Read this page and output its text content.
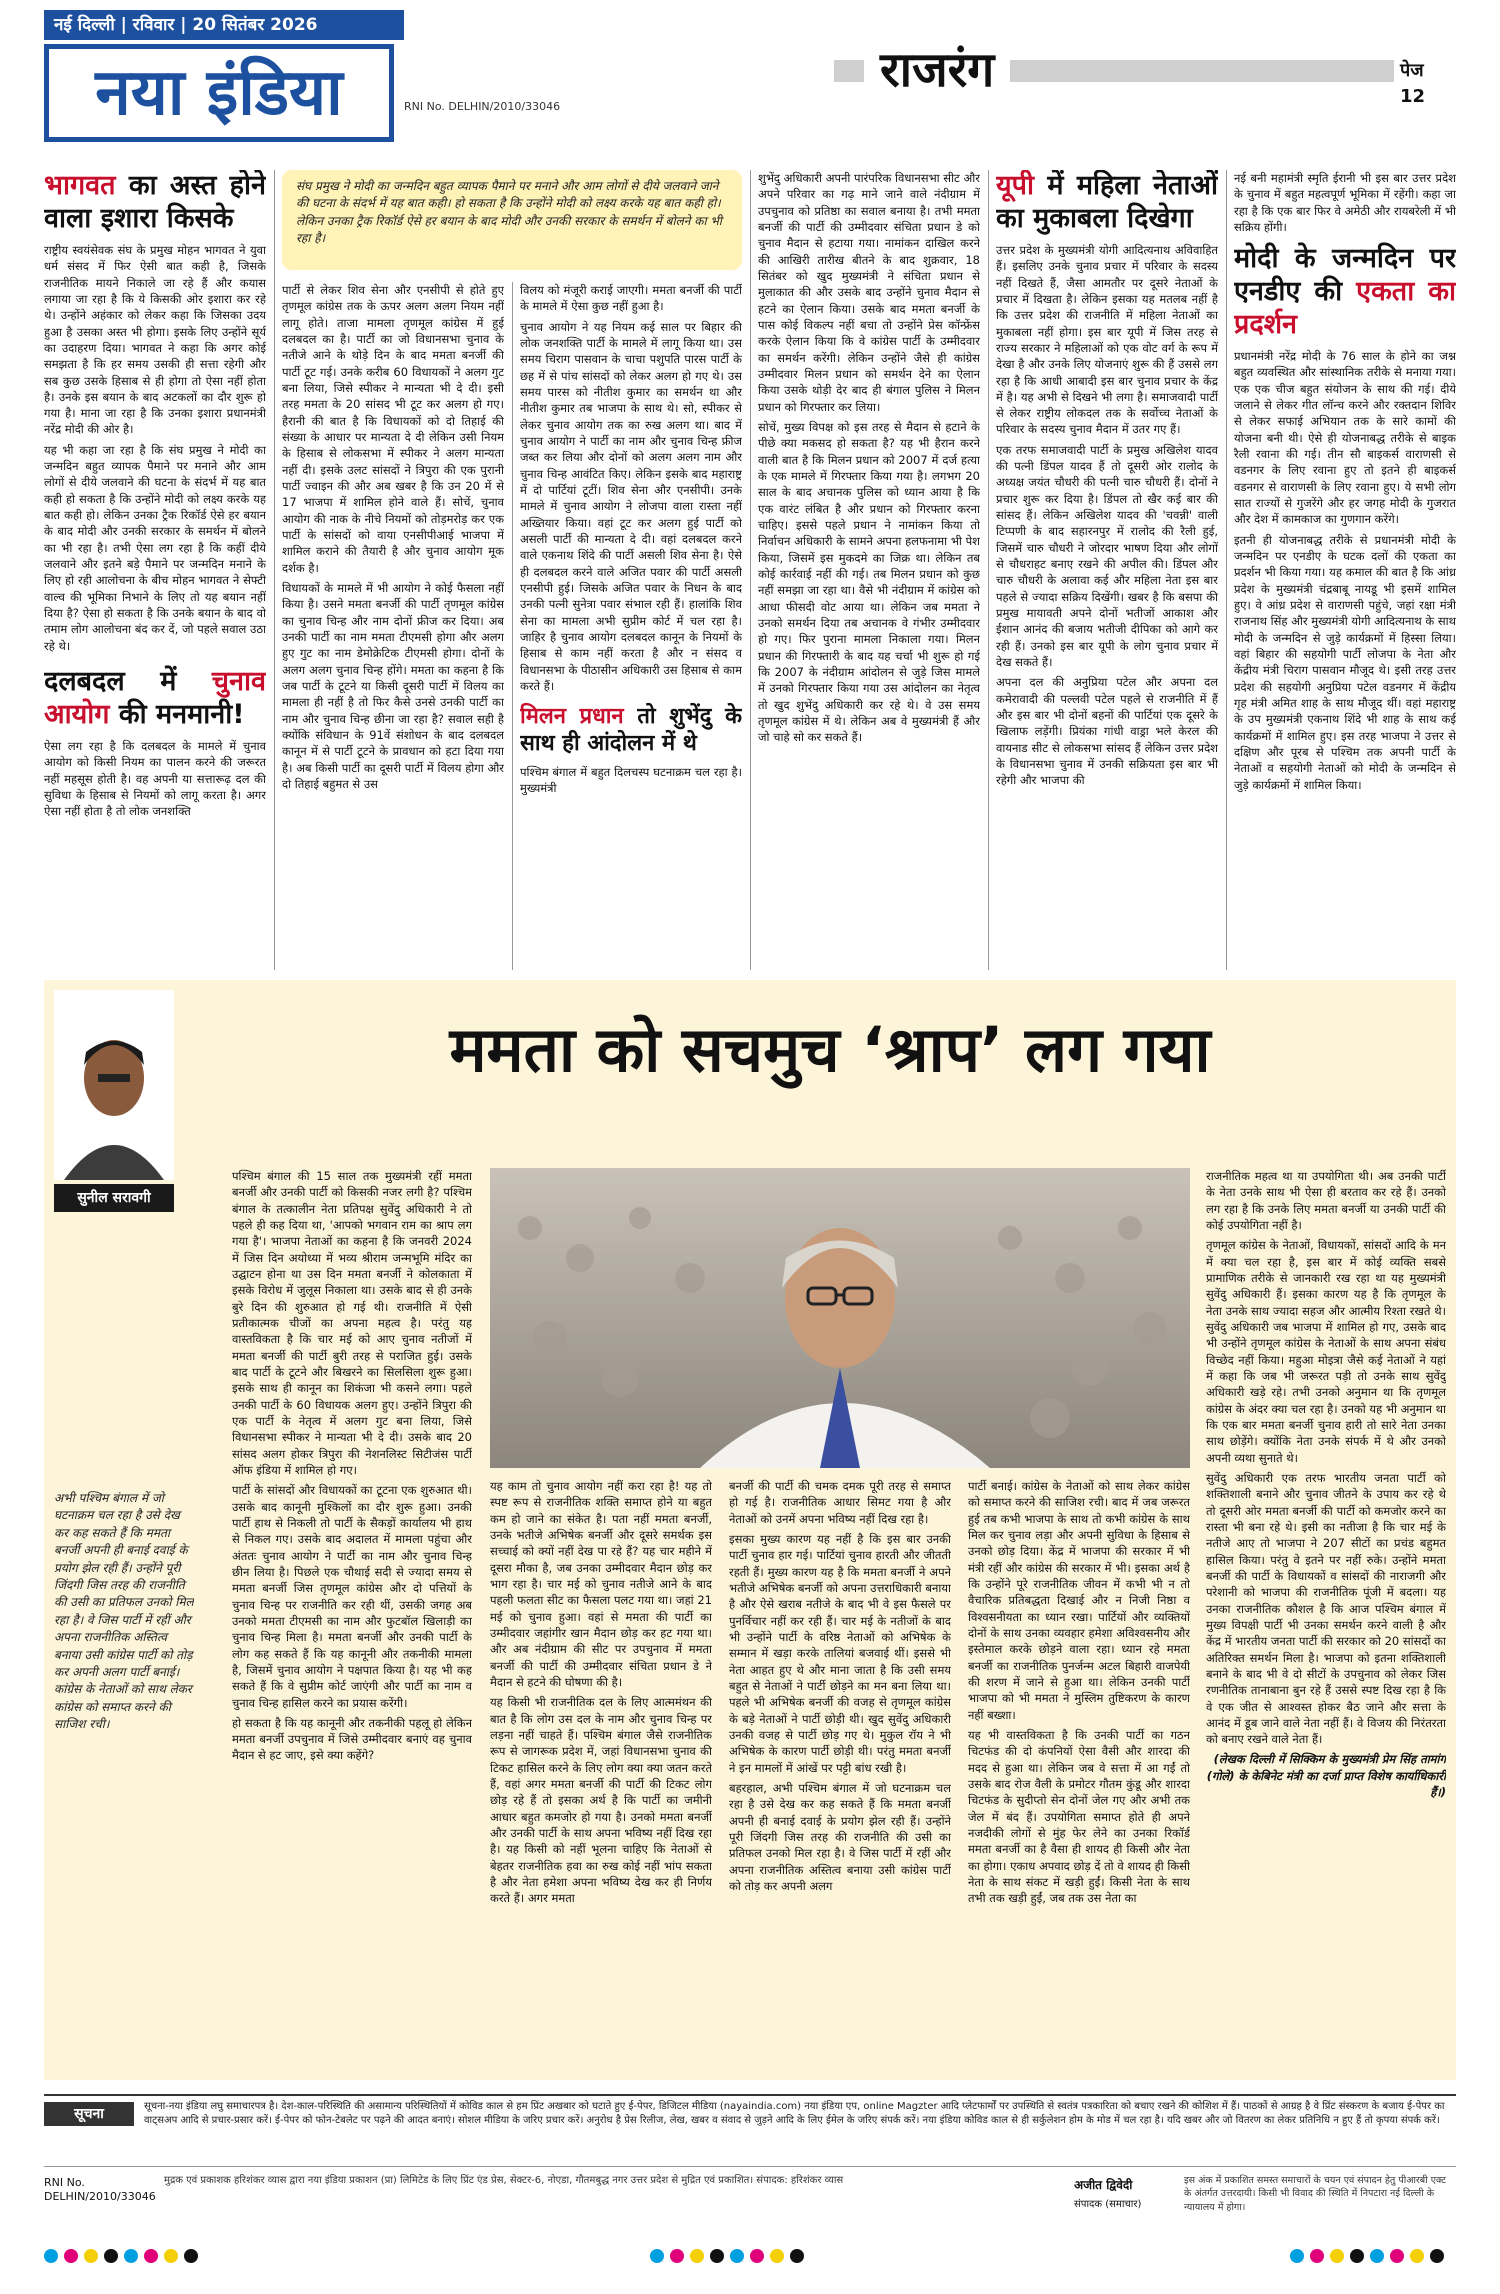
नई दिल्ली | रविवार | 20 सितंबर 2026
नया इंडिया	RNI No. DELHIN/2010/33046
राजरंग	पेज 12
भागवत का अस्त होने वाला इशारा किसके

राष्ट्रीय स्वयंसेवक संघ के प्रमुख मोहन भागवत ने युवा धर्म संसद में फिर ऐसी बात कही है, जिसके राजनीतिक मायने निकाले जा रहे हैं और कयास लगाया जा रहा है कि ये किसकी ओर इशारा कर रहे थे। उन्होंने अहंकार को लेकर कहा कि जिसका उदय हुआ है उसका अस्त भी होगा। इसके लिए उन्होंने सूर्य का उदाहरण दिया। भागवत ने कहा कि अगर कोई समझता है कि हर समय उसकी ही सत्ता रहेगी और सब कुछ उसके हिसाब से ही होगा तो ऐसा नहीं होता है। उनके इस बयान के बाद अटकलों का दौर शुरू हो गया है। माना जा रहा है कि उनका इशारा प्रधानमंत्री नरेंद्र मोदी की ओर है।

यह भी कहा जा रहा है कि संघ प्रमुख ने मोदी का जन्मदिन बहुत व्यापक पैमाने पर मनाने और आम लोगों से दीये जलवाने की घटना के संदर्भ में यह बात कही हो सकता है कि उन्होंने मोदी को लक्ष्य करके यह बात कही हो। लेकिन उनका ट्रैक रिकॉर्ड ऐसे हर बयान के बाद मोदी और उनकी सरकार के समर्थन में बोलने का भी रहा है। तभी ऐसा लग रहा है कि कहीं दीये जलवाने और इतने बड़े पैमाने पर जन्मदिन मनाने के लिए हो रही आलोचना के बीच मोहन भागवत ने सेफ्टी वाल्व की भूमिका निभाने के लिए तो यह बयान नहीं दिया है? ऐसा हो सकता है कि उनके बयान के बाद वो तमाम लोग आलोचना बंद कर दें, जो पहले सवाल उठा रहे थे।

दलबदल में चुनाव आयोग की मनमानी!

ऐसा लग रहा है कि दलबदल के मामले में चुनाव आयोग को किसी नियम का पालन करने की जरूरत नहीं महसूस होती है। वह अपनी या सत्तारूढ़ दल की सुविधा के हिसाब से नियमों को लागू करता है। अगर ऐसा नहीं होता है तो लोक जनशक्ति

संघ प्रमुख ने मोदी का जन्मदिन बहुत व्यापक पैमाने पर मनाने और आम लोगों से दीये जलवाने जाने की घटना के संदर्भ में यह बात कही। हो सकता है कि उन्होंने मोदी को लक्ष्य करके यह बात कही हो। लेकिन उनका ट्रैक रिकॉर्ड ऐसे हर बयान के बाद मोदी और उनकी सरकार के समर्थन में बोलने का भी रहा है।

पार्टी से लेकर शिव सेना और एनसीपी से होते हुए तृणमूल कांग्रेस तक के ऊपर अलग अलग नियम नहीं लागू होते। ताजा मामला तृणमूल कांग्रेस में हुई दलबदल का है। पार्टी का जो विधानसभा चुनाव के नतीजे आने के थोड़े दिन के बाद ममता बनर्जी की पार्टी टूट गई। उनके करीब 60 विधायकों ने अलग गुट बना लिया, जिसे स्पीकर ने मान्यता भी दे दी। इसी तरह ममता के 20 सांसद भी टूट कर अलग हो गए। हैरानी की बात है कि विधायकों को दो तिहाई की संख्या के आधार पर मान्यता दे दी लेकिन उसी नियम के हिसाब से लोकसभा में स्पीकर ने अलग मान्यता नहीं दी। इसके उलट सांसदों ने त्रिपुरा की एक पुरानी पार्टी ज्वाइन की और अब खबर है कि उन 20 में से 17 भाजपा में शामिल होने वाले हैं। सोचें, चुनाव आयोग की नाक के नीचे नियमों को तोड़मरोड़ कर एक पार्टी के सांसदों को वाया एनसीपीआई भाजपा में शामिल कराने की तैयारी है और चुनाव आयोग मूक दर्शक है।

विधायकों के मामले में भी आयोग ने कोई फैसला नहीं किया है। उसने ममता बनर्जी की पार्टी तृणमूल कांग्रेस का चुनाव चिन्ह और नाम दोनों फ्रीज कर दिया। अब उनकी पार्टी का नाम ममता टीएमसी होगा और अलग हुए गुट का नाम डेमोक्रेटिक टीएमसी होगा। दोनों के अलग अलग चुनाव चिन्ह होंगे। ममता का कहना है कि जब पार्टी के टूटने या किसी दूसरी पार्टी में विलय का मामला ही नहीं है तो फिर कैसे उनसे उनकी पार्टी का नाम और चुनाव चिन्ह छीना जा रहा है? सवाल सही है क्योंकि संविधान के 91वें संशोधन के बाद दलबदल कानून में से पार्टी टूटने के प्रावधान को हटा दिया गया है। अब किसी पार्टी का दूसरी पार्टी में विलय होगा और दो तिहाई बहुमत से उस

विलय को मंजूरी कराई जाएगी। ममता बनर्जी की पार्टी के मामले में ऐसा कुछ नहीं हुआ है।

चुनाव आयोग ने यह नियम कई साल पर बिहार की लोक जनशक्ति पार्टी के मामले में लागू किया था। उस समय चिराग पासवान के चाचा पशुपति पारस पार्टी के छह में से पांच सांसदों को लेकर अलग हो गए थे। उस समय पारस को नीतीश कुमार का समर्थन था और नीतीश कुमार तब भाजपा के साथ थे। सो, स्पीकर से लेकर चुनाव आयोग तक का रुख अलग था। बाद में चुनाव आयोग ने पार्टी का नाम और चुनाव चिन्ह फ्रीज जब्त कर लिया और दोनों को अलग अलग नाम और चुनाव चिन्ह आवंटित किए। लेकिन इसके बाद महाराष्ट्र में दो पार्टियां टूटीं। शिव सेना और एनसीपी। उनके मामले में चुनाव आयोग ने लोजपा वाला रास्ता नहीं अख्तियार किया। वहां टूट कर अलग हुई पार्टी को असली पार्टी की मान्यता दे दी। वहां दलबदल करने वाले एकनाथ शिंदे की पार्टी असली शिव सेना है। ऐसे ही दलबदल करने वाले अजित पवार की पार्टी असली एनसीपी हुई। जिसके अजित पवार के निधन के बाद उनकी पत्नी सुनेत्रा पवार संभाल रही हैं। हालांकि शिव सेना का मामला अभी सुप्रीम कोर्ट में चल रहा है। जाहिर है चुनाव आयोग दलबदल कानून के नियमों के हिसाब से काम नहीं करता है और न संसद व विधानसभा के पीठासीन अधिकारी उस हिसाब से काम करते हैं।

मिलन प्रधान तो शुभेंदु के साथ ही आंदोलन में थे

पश्चिम बंगाल में बहुत दिलचस्प घटनाक्रम चल रहा है। मुख्यमंत्री

शुभेंदु अधिकारी अपनी पारंपरिक विधानसभा सीट और अपने परिवार का गढ़ माने जाने वाले नंदीग्राम में उपचुनाव को प्रतिष्ठा का सवाल बनाया है। तभी ममता बनर्जी की पार्टी की उम्मीदवार संचिता प्रधान डे को चुनाव मैदान से हटाया गया। नामांकन दाखिल करने की आखिरी तारीख बीतने के बाद शुक्रवार, 18 सितंबर को खुद मुख्यमंत्री ने संचिता प्रधान से मुलाकात की और उसके बाद उन्होंने चुनाव मैदान से हटने का ऐलान किया। उसके बाद ममता बनर्जी के पास कोई विकल्प नहीं बचा तो उन्होंने प्रेस कॉन्फ्रेंस करके ऐलान किया कि वे कांग्रेस पार्टी के उम्मीदवार का समर्थन करेंगी। लेकिन उन्होंने जैसे ही कांग्रेस उम्मीदवार मिलन प्रधान को समर्थन देने का ऐलान किया उसके थोड़ी देर बाद ही बंगाल पुलिस ने मिलन प्रधान को गिरफ्तार कर लिया।

सोचें, मुख्य विपक्ष को इस तरह से मैदान से हटाने के पीछे क्या मकसद हो सकता है? यह भी हैरान करने वाली बात है कि मिलन प्रधान को 2007 में दर्ज हत्या के एक मामले में गिरफ्तार किया गया है। लगभग 20 साल के बाद अचानक पुलिस को ध्यान आया है कि एक वारंट लंबित है और प्रधान को गिरफ्तार करना चाहिए। इससे पहले प्रधान ने नामांकन किया तो निर्वाचन अधिकारी के सामने अपना हलफनामा भी पेश किया, जिसमें इस मुकदमे का जिक्र था। लेकिन तब कोई कार्रवाई नहीं की गई। तब मिलन प्रधान को कुछ नहीं समझा जा रहा था। वैसे भी नंदीग्राम में कांग्रेस को आधा फीसदी वोट आया था। लेकिन जब ममता ने उनको समर्थन दिया तब अचानक वे गंभीर उम्मीदवार हो गए। फिर पुराना मामला निकाला गया। मिलन प्रधान की गिरफ्तारी के बाद यह चर्चा भी शुरू हो गई कि 2007 के नंदीग्राम आंदोलन से जुड़े जिस मामले में उनको गिरफ्तार किया गया उस आंदोलन का नेतृत्व तो खुद शुभेंदु अधिकारी कर रहे थे। वे उस समय तृणमूल कांग्रेस में थे। लेकिन अब वे मुख्यमंत्री हैं और जो चाहे सो कर सकते हैं।

यूपी में महिला नेताओं का मुकाबला दिखेगा

उत्तर प्रदेश के मुख्यमंत्री योगी आदित्यनाथ अविवाहित हैं। इसलिए उनके चुनाव प्रचार में परिवार के सदस्य नहीं दिखते हैं, जैसा आमतौर पर दूसरे नेताओं के प्रचार में दिखता है। लेकिन इसका यह मतलब नहीं है कि उत्तर प्रदेश की राजनीति में महिला नेताओं का मुकाबला नहीं होगा। इस बार यूपी में जिस तरह से राज्य सरकार ने महिलाओं को एक वोट वर्ग के रूप में देखा है और उनके लिए योजनाएं शुरू की हैं उससे लग रहा है कि आधी आबादी इस बार चुनाव प्रचार के केंद्र में है। यह अभी से दिखने भी लगा है। समाजवादी पार्टी से लेकर राष्ट्रीय लोकदल तक के सर्वोच्च नेताओं के परिवार के सदस्य चुनाव मैदान में उतर गए हैं।

एक तरफ समाजवादी पार्टी के प्रमुख अखिलेश यादव की पत्नी डिंपल यादव हैं तो दूसरी ओर रालोद के अध्यक्ष जयंत चौधरी की पत्नी चारु चौधरी हैं। दोनों ने प्रचार शुरू कर दिया है। डिंपल तो खैर कई बार की सांसद हैं। लेकिन अखिलेश यादव की 'चवन्नी' वाली टिप्पणी के बाद सहारनपुर में रालोद की रैली हुई, जिसमें चारु चौधरी ने जोरदार भाषण दिया और लोगों से चौधराहट बनाए रखने की अपील की। डिंपल और चारु चौधरी के अलावा कई और महिला नेता इस बार पहले से ज्यादा सक्रिय दिखेंगी। खबर है कि बसपा की प्रमुख मायावती अपने दोनों भतीजों आकाश और ईशान आनंद की बजाय भतीजी दीपिका को आगे कर रही हैं। उनको इस बार यूपी के लोग चुनाव प्रचार में देख सकते हैं।

अपना दल की अनुप्रिया पटेल और अपना दल कमेरावादी की पल्लवी पटेल पहले से राजनीति में हैं और इस बार भी दोनों बहनों की पार्टियां एक दूसरे के खिलाफ लड़ेंगी। प्रियंका गांधी वाड्रा भले केरल की वायनाड सीट से लोकसभा सांसद हैं लेकिन उत्तर प्रदेश के विधानसभा चुनाव में उनकी सक्रियता इस बार भी रहेगी और भाजपा की

नई बनी महामंत्री स्मृति ईरानी भी इस बार उत्तर प्रदेश के चुनाव में बहुत महत्वपूर्ण भूमिका में रहेंगी। कहा जा रहा है कि एक बार फिर वे अमेठी और रायबरेली में भी सक्रिय होंगी।

मोदी के जन्मदिन पर एनडीए की एकता का प्रदर्शन

प्रधानमंत्री नरेंद्र मोदी के 76 साल के होने का जश्न बहुत व्यवस्थित और सांस्थानिक तरीके से मनाया गया। एक एक चीज बहुत संयोजन के साथ की गई। दीये जलाने से लेकर गीत लॉन्च करने और रक्तदान शिविर से लेकर सफाई अभियान तक के सारे कामों की योजना बनी थी। ऐसे ही योजनाबद्ध तरीके से बाइक रैली रवाना की गई। तीन सौ बाइकर्स वाराणसी से वडनगर के लिए रवाना हुए तो इतने ही बाइकर्स वडनगर से वाराणसी के लिए रवाना हुए। ये सभी लोग सात राज्यों से गुजरेंगे और हर जगह मोदी के गुजरात और देश में कामकाज का गुणगान करेंगे।

इतनी ही योजनाबद्ध तरीके से प्रधानमंत्री मोदी के जन्मदिन पर एनडीए के घटक दलों की एकता का प्रदर्शन भी किया गया। यह कमाल की बात है कि आंध्र प्रदेश के मुख्यमंत्री चंद्रबाबू नायडू भी इसमें शामिल हुए। वे आंध्र प्रदेश से वाराणसी पहुंचे, जहां रक्षा मंत्री राजनाथ सिंह और मुख्यमंत्री योगी आदित्यनाथ के साथ मोदी के जन्मदिन से जुड़े कार्यक्रमों में हिस्सा लिया। वहां बिहार की सहयोगी पार्टी लोजपा के नेता और केंद्रीय मंत्री चिराग पासवान मौजूद थे। इसी तरह उत्तर प्रदेश की सहयोगी अनुप्रिया पटेल वडनगर में केंद्रीय गृह मंत्री अमित शाह के साथ मौजूद थीं। वहां महाराष्ट्र के उप मुख्यमंत्री एकनाथ शिंदे भी शाह के साथ कई कार्यक्रमों में शामिल हुए। इस तरह भाजपा ने उत्तर से दक्षिण और पूरब से पश्चिम तक अपनी पार्टी के नेताओं व सहयोगी नेताओं को मोदी के जन्मदिन से जुड़े कार्यक्रमों में शामिल किया।

सुनील सरावगी
ममता को सचमुच ‘श्राप’ लग गया
अभी पश्चिम बंगाल में जो घटनाक्रम चल रहा है उसे देख कर कह सकते हैं कि ममता बनर्जी अपनी ही बनाई दवाई के प्रयोग झेल रही हैं। उन्होंने पूरी जिंदगी जिस तरह की राजनीति की उसी का प्रतिफल उनको मिल रहा है। वे जिस पार्टी में रहीं और अपना राजनीतिक अस्तित्व बनाया उसी कांग्रेस पार्टी को तोड़ कर अपनी अलग पार्टी बनाई। कांग्रेस के नेताओं को साथ लेकर कांग्रेस को समाप्त करने की साजिश रची।

पश्चिम बंगाल की 15 साल तक मुख्यमंत्री रहीं ममता बनर्जी और उनकी पार्टी को किसकी नजर लगी है? पश्चिम बंगाल के तत्कालीन नेता प्रतिपक्ष सुवेंदु अधिकारी ने तो पहले ही कह दिया था, 'आपको भगवान राम का श्राप लग गया है'। भाजपा नेताओं का कहना है कि जनवरी 2024 में जिस दिन अयोध्या में भव्य श्रीराम जन्मभूमि मंदिर का उद्घाटन होना था उस दिन ममता बनर्जी ने कोलकाता में इसके विरोध में जुलूस निकाला था। उसके बाद से ही उनके बुरे दिन की शुरुआत हो गई थी। राजनीति में ऐसी प्रतीकात्मक चीजों का अपना महत्व है। परंतु यह वास्तविकता है कि चार मई को आए चुनाव नतीजों में ममता बनर्जी की पार्टी बुरी तरह से पराजित हुई। उसके बाद पार्टी के टूटने और बिखरने का सिलसिला शुरू हुआ। इसके साथ ही कानून का शिकंजा भी कसने लगा। पहले उनकी पार्टी के 60 विधायक अलग हुए। उन्होंने त्रिपुरा की एक पार्टी के नेतृत्व में अलग गुट बना लिया, जिसे विधानसभा स्पीकर ने मान्यता भी दे दी। उसके बाद 20 सांसद अलग होकर त्रिपुरा की नेशनलिस्ट सिटीजंस पार्टी ऑफ इंडिया में शामिल हो गए।

पार्टी के सांसदों और विधायकों का टूटना एक शुरुआत थी। उसके बाद कानूनी मुश्किलों का दौर शुरू हुआ। उनकी पार्टी हाथ से निकली तो पार्टी के सैकड़ों कार्यालय भी हाथ से निकल गए। उसके बाद अदालत में मामला पहुंचा और अंततः चुनाव आयोग ने पार्टी का नाम और चुनाव चिन्ह छीन लिया है। पिछले एक चौथाई सदी से ज्यादा समय से ममता बनर्जी जिस तृणमूल कांग्रेस और दो पत्तियों के चुनाव चिन्ह पर राजनीति कर रही थीं, उसकी जगह अब उनको ममता टीएमसी का नाम और फुटबॉल खिलाड़ी का चुनाव चिन्ह मिला है। ममता बनर्जी और उनकी पार्टी के लोग कह सकते हैं कि यह कानूनी और तकनीकी मामला है, जिसमें चुनाव आयोग ने पक्षपात किया है। यह भी कह सकते हैं कि वे सुप्रीम कोर्ट जाएंगी और पार्टी का नाम व चुनाव चिन्ह हासिल करने का प्रयास करेंगी।

हो सकता है कि यह कानूनी और तकनीकी पहलू हो लेकिन ममता बनर्जी उपचुनाव में जिसे उम्मीदवार बनाएं वह चुनाव मैदान से हट जाए, इसे क्या कहेंगे?

यह काम तो चुनाव आयोग नहीं करा रहा है! यह तो स्पष्ट रूप से राजनीतिक शक्ति समाप्त होने या बहुत कम हो जाने का संकेत है। पता नहीं ममता बनर्जी, उनके भतीजे अभिषेक बनर्जी और दूसरे समर्थक इस सच्चाई को क्यों नहीं देख पा रहे हैं? यह चार महीने में दूसरा मौका है, जब उनका उम्मीदवार मैदान छोड़ कर भाग रहा है। चार मई को चुनाव नतीजे आने के बाद पहली फलता सीट का फैसला पलट गया था। जहां 21 मई को चुनाव हुआ। वहां से ममता की पार्टी का उम्मीदवार जहांगीर खान मैदान छोड़ कर हट गया था। और अब नंदीग्राम की सीट पर उपचुनाव में ममता बनर्जी की पार्टी की उम्मीदवार संचिता प्रधान डे ने मैदान से हटने की घोषणा की है।

यह किसी भी राजनीतिक दल के लिए आत्ममंथन की बात है कि लोग उस दल के नाम और चुनाव चिन्ह पर लड़ना नहीं चाहते हैं। पश्चिम बंगाल जैसे राजनीतिक रूप से जागरूक प्रदेश में, जहां विधानसभा चुनाव की टिकट हासिल करने के लिए लोग क्या क्या जतन करते हैं, वहां अगर ममता बनर्जी की पार्टी की टिकट लोग छोड़ रहे हैं तो इसका अर्थ है कि पार्टी का जमीनी आधार बहुत कमजोर हो गया है। उनको ममता बनर्जी और उनकी पार्टी के साथ अपना भविष्य नहीं दिख रहा है। यह किसी को नहीं भूलना चाहिए कि नेताओं से बेहतर राजनीतिक हवा का रुख कोई नहीं भांप सकता है और नेता हमेशा अपना भविष्य देख कर ही निर्णय करते हैं। अगर ममता

बनर्जी की पार्टी की चमक दमक पूरी तरह से समाप्त हो गई है। राजनीतिक आधार सिमट गया है और नेताओं को उनमें अपना भविष्य नहीं दिख रहा है।

इसका मुख्य कारण यह नहीं है कि इस बार उनकी पार्टी चुनाव हार गई। पार्टियां चुनाव हारती और जीतती रहती हैं। मुख्य कारण यह है कि ममता बनर्जी ने अपने भतीजे अभिषेक बनर्जी को अपना उत्तराधिकारी बनाया है और ऐसे खराब नतीजे के बाद भी वे इस फैसले पर पुनर्विचार नहीं कर रही हैं। चार मई के नतीजों के बाद भी उन्होंने पार्टी के वरिष्ठ नेताओं को अभिषेक के सम्मान में खड़ा करके तालियां बजवाई थीं। इससे भी नेता आहत हुए थे और माना जाता है कि उसी समय बहुत से नेताओं ने पार्टी छोड़ने का मन बना लिया था। पहले भी अभिषेक बनर्जी की वजह से तृणमूल कांग्रेस के बड़े नेताओं ने पार्टी छोड़ी थी। खुद सुवेंदु अधिकारी उनकी वजह से पार्टी छोड़ गए थे। मुकुल रॉय ने भी अभिषेक के कारण पार्टी छोड़ी थी। परंतु ममता बनर्जी ने इन मामलों में आंखें पर पट्टी बांध रखी है।

बहरहाल, अभी पश्चिम बंगाल में जो घटनाक्रम चल रहा है उसे देख कर कह सकते हैं कि ममता बनर्जी अपनी ही बनाई दवाई के प्रयोग झेल रही हैं। उन्होंने पूरी जिंदगी जिस तरह की राजनीति की उसी का प्रतिफल उनको मिल रहा है। वे जिस पार्टी में रहीं और अपना राजनीतिक अस्तित्व बनाया उसी कांग्रेस पार्टी को तोड़ कर अपनी अलग

पार्टी बनाई। कांग्रेस के नेताओं को साथ लेकर कांग्रेस को समाप्त करने की साजिश रची। बाद में जब जरूरत हुई तब कभी भाजपा के साथ तो कभी कांग्रेस के साथ मिल कर चुनाव लड़ा और अपनी सुविधा के हिसाब से उनको छोड़ दिया। केंद्र में भाजपा की सरकार में भी मंत्री रहीं और कांग्रेस की सरकार में भी। इसका अर्थ है कि उन्होंने पूरे राजनीतिक जीवन में कभी भी न तो वैचारिक प्रतिबद्धता दिखाई और न निजी निष्ठा व विश्वसनीयता का ध्यान रखा। पार्टियों और व्यक्तियों दोनों के साथ उनका व्यवहार हमेशा अविश्वसनीय और इस्तेमाल करके छोड़ने वाला रहा। ध्यान रहे ममता बनर्जी का राजनीतिक पुनर्जन्म अटल बिहारी वाजपेयी की शरण में जाने से हुआ था। लेकिन उनकी पार्टी भाजपा को भी ममता ने मुस्लिम तुष्टिकरण के कारण नहीं बख्शा।

यह भी वास्तविकता है कि उनकी पार्टी का गठन चिटफंड की दो कंपनियों ऐसा वैसी और शारदा की मदद से हुआ था। लेकिन जब वे सत्ता में आ गईं तो उसके बाद रोज वैली के प्रमोटर गौतम कुंडू और शारदा चिटफंड के सुदीप्तो सेन दोनों जेल गए और अभी तक जेल में बंद हैं। उपयोगिता समाप्त होते ही अपने नजदीकी लोगों से मुंह फेर लेने का उनका रिकॉर्ड ममता बनर्जी का है वैसा ही शायद ही किसी और नेता का होगा। एकाध अपवाद छोड़ दें तो वे शायद ही किसी नेता के साथ संकट में खड़ी हुईं। किसी नेता के साथ तभी तक खड़ी हुईं, जब तक उस नेता का

राजनीतिक महत्व था या उपयोगिता थी। अब उनकी पार्टी के नेता उनके साथ भी ऐसा ही बरताव कर रहे हैं। उनको लग रहा है कि उनके लिए ममता बनर्जी या उनकी पार्टी की कोई उपयोगिता नहीं है।

तृणमूल कांग्रेस के नेताओं, विधायकों, सांसदों आदि के मन में क्या चल रहा है, इस बार में कोई व्यक्ति सबसे प्रामाणिक तरीके से जानकारी रख रहा था यह मुख्यमंत्री सुवेंदु अधिकारी हैं। इसका कारण यह है कि तृणमूल के नेता उनके साथ ज्यादा सहज और आत्मीय रिश्ता रखते थे। सुवेंदु अधिकारी जब भाजपा में शामिल हो गए, उसके बाद भी उन्होंने तृणमूल कांग्रेस के नेताओं के साथ अपना संबंध विच्छेद नहीं किया। महुआ मोइत्रा जैसे कई नेताओं ने यहां में कहा कि जब भी जरूरत पड़ी तो उनके साथ सुवेंदु अधिकारी खड़े रहे। तभी उनको अनुमान था कि तृणमूल कांग्रेस के अंदर क्या चल रहा है। उनको यह भी अनुमान था कि एक बार ममता बनर्जी चुनाव हारी तो सारे नेता उनका साथ छोड़ेंगे। क्योंकि नेता उनके संपर्क में थे और उनको अपनी व्यथा सुनाते थे।

सुवेंदु अधिकारी एक तरफ भारतीय जनता पार्टी को शक्तिशाली बनाने और चुनाव जीतने के उपाय कर रहे थे तो दूसरी ओर ममता बनर्जी की पार्टी को कमजोर करने का रास्ता भी बना रहे थे। इसी का नतीजा है कि चार मई के नतीजे आए तो भाजपा ने 207 सीटों का प्रचंड बहुमत हासिल किया। परंतु वे इतने पर नहीं रुके। उन्होंने ममता बनर्जी की पार्टी के विधायकों व सांसदों की नाराजगी और परेशानी को भाजपा की राजनीतिक पूंजी में बदला। यह उनका राजनीतिक कौशल है कि आज पश्चिम बंगाल में मुख्य विपक्षी पार्टी भी उनका समर्थन करने वाली है और केंद्र में भारतीय जनता पार्टी की सरकार को 20 सांसदों का अतिरिक्त समर्थन मिला है। भाजपा को इतना शक्तिशाली बनाने के बाद भी वे दो सीटों के उपचुनाव को लेकर जिस रणनीतिक तानाबाना बुन रहे हैं उससे स्पष्ट दिख रहा है कि वे एक जीत से आश्वस्त होकर बैठ जाने और सत्ता के आनंद में डूब जाने वाले नेता नहीं हैं। वे विजय की निरंतरता को बनाए रखने वाले नेता हैं।

(लेखक दिल्ली में सिक्किम के मुख्यमंत्री प्रेम सिंह तामांग (गोले) के केबिनेट मंत्री का दर्जा प्राप्त विशेष कार्याधिकारी हैं।)

सूचना	सूचना-नया इंडिया लघु समाचारपत्र है। देश-काल-परिस्थिति की असामान्य परिस्थितियों में कोविड काल से हम प्रिंट अखबार को घटाते हुए ई-पेपर, डिजिटल मीडिया (nayaindia.com) नया इंडिया एप, online Magzter आदि प्लेटफार्मों पर उपस्थिति से स्वतंत्र पत्रकारिता को बचाए रखने की कोशिश में हैं। पाठकों से आग्रह है वे प्रिंट संस्करण के बजाय ई-पेपर का वाट्सअप आदि से प्रचार-प्रसार करें। ई-पेपर को फोन-टेबलेट पर पढ़ने की आदत बनाएं। सोशल मीडिया के जरिए प्रचार करें। अनुरोध है प्रेस रिलीज, लेख, खबर व संवाद से जुड़ने आदि के लिए ईमेल के जरिए संपर्क करें। नया इंडिया कोविड काल से ही सर्कुलेशन होम के मोड में चल रहा है। यदि खबर और जो वितरण का लेकर प्रतिनिधि न हुए हैं तो कृपया संपर्क करें।
RNI No. DELHIN/2010/33046
मुद्रक एवं प्रकाशक हरिशंकर व्यास द्वारा नया इंडिया प्रकाशन (प्रा) लिमिटेड के लिए प्रिंट एंड प्रेस, सेक्टर-6, नोएडा, गौतमबुद्ध नगर उत्तर प्रदेश से मुद्रित एवं प्रकाशित। संपादक: हरिशंकर व्यास	अजीत द्विवेदी
संपादक (समाचार)
इस अंक में प्रकाशित समस्त समाचारों के चयन एवं संपादन हेतु पीआरबी एक्ट के अंतर्गत उत्तरदायी। किसी भी विवाद की स्थिति में निपटारा नई दिल्ली के न्यायालय में होगा।
